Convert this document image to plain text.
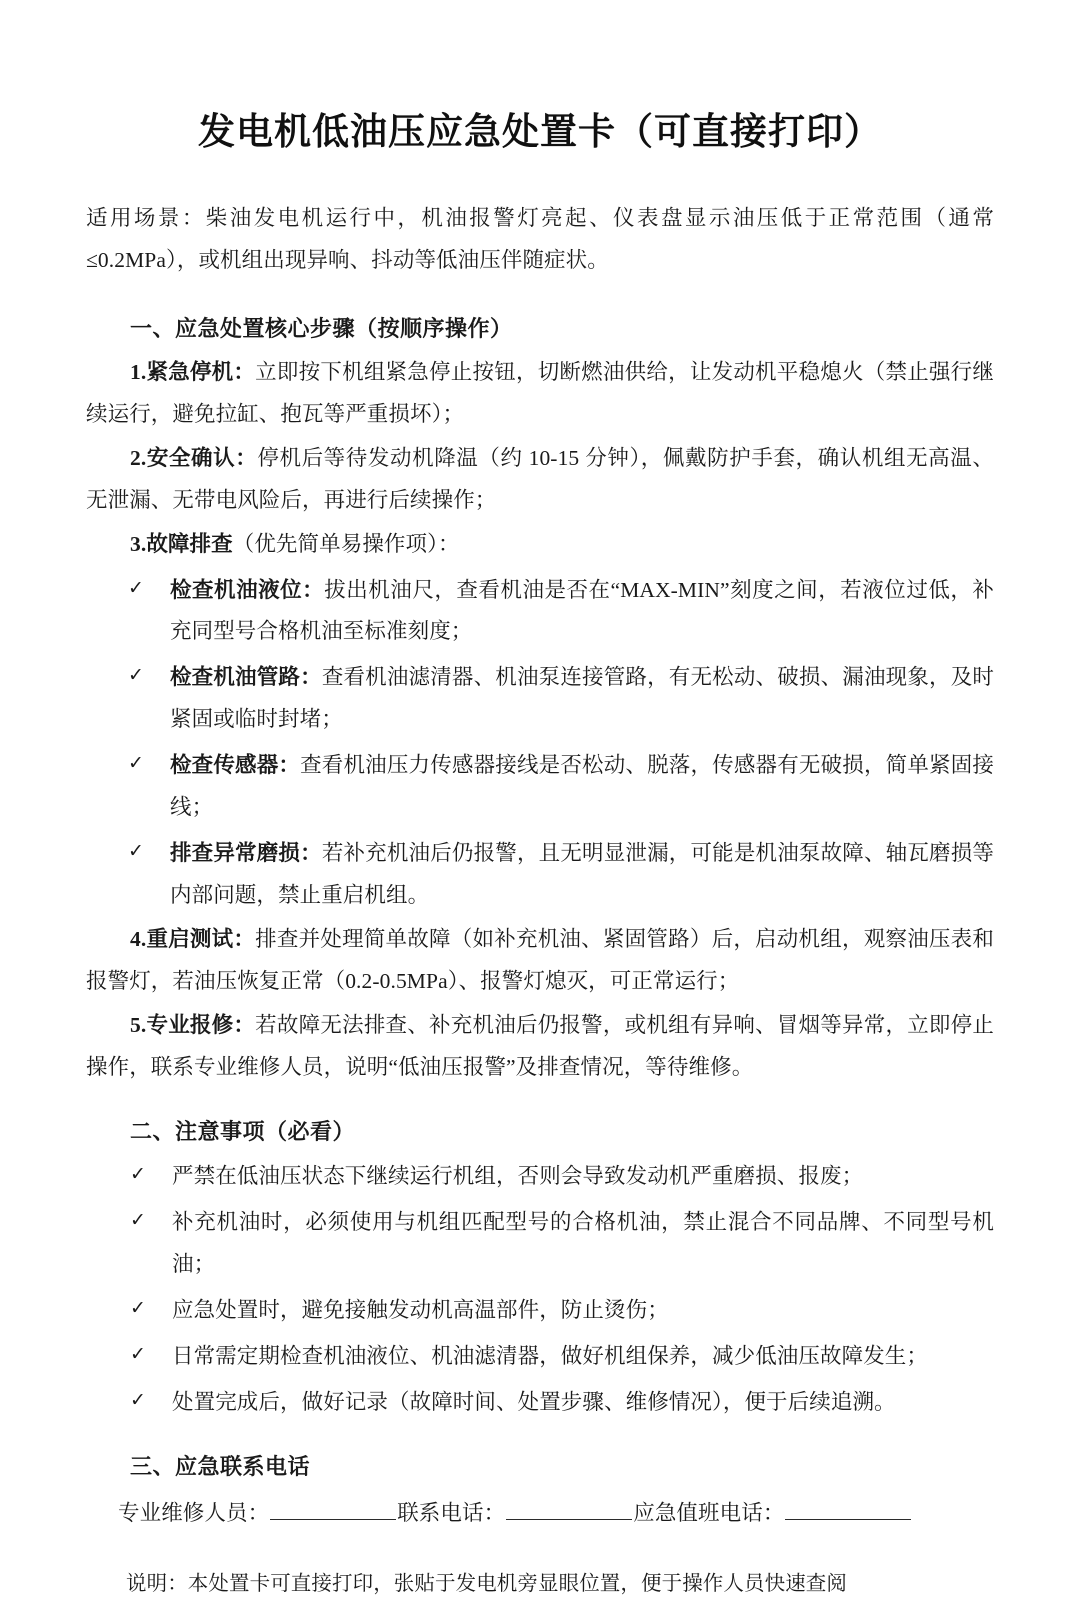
发电机低油压应急处置卡（可直接打印）

适用场景：柴油发电机运行中，机油报警灯亮起、仪表盘显示油压低于正常范围（通常≤0.2MPa），或机组出现异响、抖动等低油压伴随症状。

一、应急处置核心步骤（按顺序操作）

1.紧急停机：立即按下机组紧急停止按钮，切断燃油供给，让发动机平稳熄火（禁止强行继续运行，避免拉缸、抱瓦等严重损坏）；

2.安全确认：停机后等待发动机降温（约 10-15 分钟），佩戴防护手套，确认机组无高温、无泄漏、无带电风险后，再进行后续操作；

3.故障排查（优先简单易操作项）：

✓ 检查机油液位：拔出机油尺，查看机油是否在“MAX-MIN”刻度之间，若液位过低，补充同型号合格机油至标准刻度；
✓ 检查机油管路：查看机油滤清器、机油泵连接管路，有无松动、破损、漏油现象，及时紧固或临时封堵；
✓ 检查传感器：查看机油压力传感器接线是否松动、脱落，传感器有无破损，简单紧固接线；
✓ 排查异常磨损：若补充机油后仍报警，且无明显泄漏，可能是机油泵故障、轴瓦磨损等内部问题，禁止重启机组。

4.重启测试：排查并处理简单故障（如补充机油、紧固管路）后，启动机组，观察油压表和报警灯，若油压恢复正常（0.2-0.5MPa）、报警灯熄灭，可正常运行；

5.专业报修：若故障无法排查、补充机油后仍报警，或机组有异响、冒烟等异常，立即停止操作，联系专业维修人员，说明“低油压报警”及排查情况，等待维修。

二、注意事项（必看）
✓ 严禁在低油压状态下继续运行机组，否则会导致发动机严重磨损、报废；
✓ 补充机油时，必须使用与机组匹配型号的合格机油，禁止混合不同品牌、不同型号机油；
✓ 应急处置时，避免接触发动机高温部件，防止烫伤；
✓ 日常需定期检查机油液位、机油滤清器，做好机组保养，减少低油压故障发生；
✓ 处置完成后，做好记录（故障时间、处置步骤、维修情况），便于后续追溯。
三、应急联系电话

专业维修人员：	联系电话：	应急值班电话：

说明：本处置卡可直接打印，张贴于发电机旁显眼位置，便于操作人员快速查阅
